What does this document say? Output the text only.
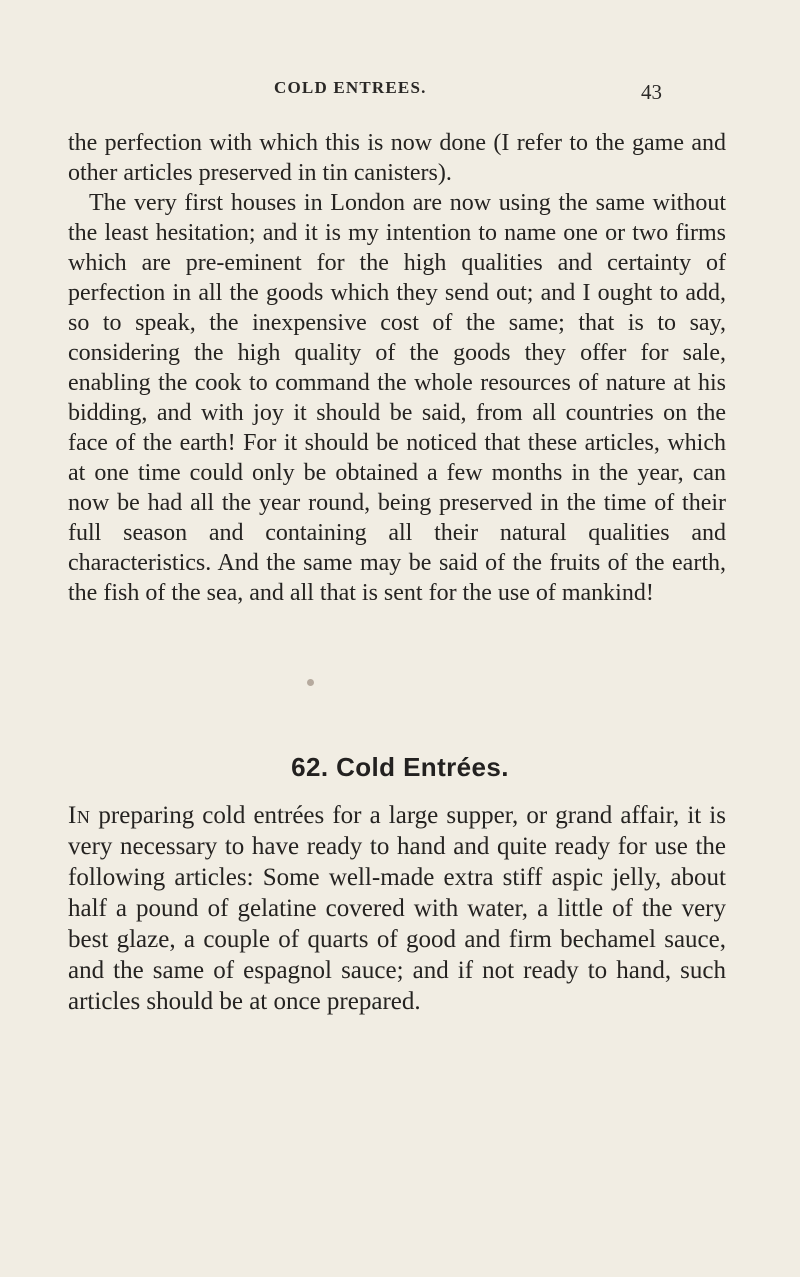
COLD ENTREES.	43

the perfection with which this is now done (I refer to the game and other articles preserved in tin canisters).

The very first houses in London are now using the same without the least hesitation; and it is my intention to name one or two firms which are pre-eminent for the high qualities and certainty of perfection in all the goods which they send out; and I ought to add, so to speak, the inexpensive cost of the same; that is to say, considering the high quality of the goods they offer for sale, enabling the cook to command the whole resources of nature at his bidding, and with joy it should be said, from all countries on the face of the earth! For it should be noticed that these articles, which at one time could only be obtained a few months in the year, can now be had all the year round, being preserved in the time of their full season and containing all their natural qualities and characteristics. And the same may be said of the fruits of the earth, the fish of the sea, and all that is sent for the use of mankind!

62. Cold Entrées.

In preparing cold entrées for a large supper, or grand affair, it is very necessary to have ready to hand and quite ready for use the following articles: Some well-made extra stiff aspic jelly, about half a pound of gelatine covered with water, a little of the very best glaze, a couple of quarts of good and firm bechamel sauce, and the same of espagnol sauce; and if not ready to hand, such articles should be at once prepared.
